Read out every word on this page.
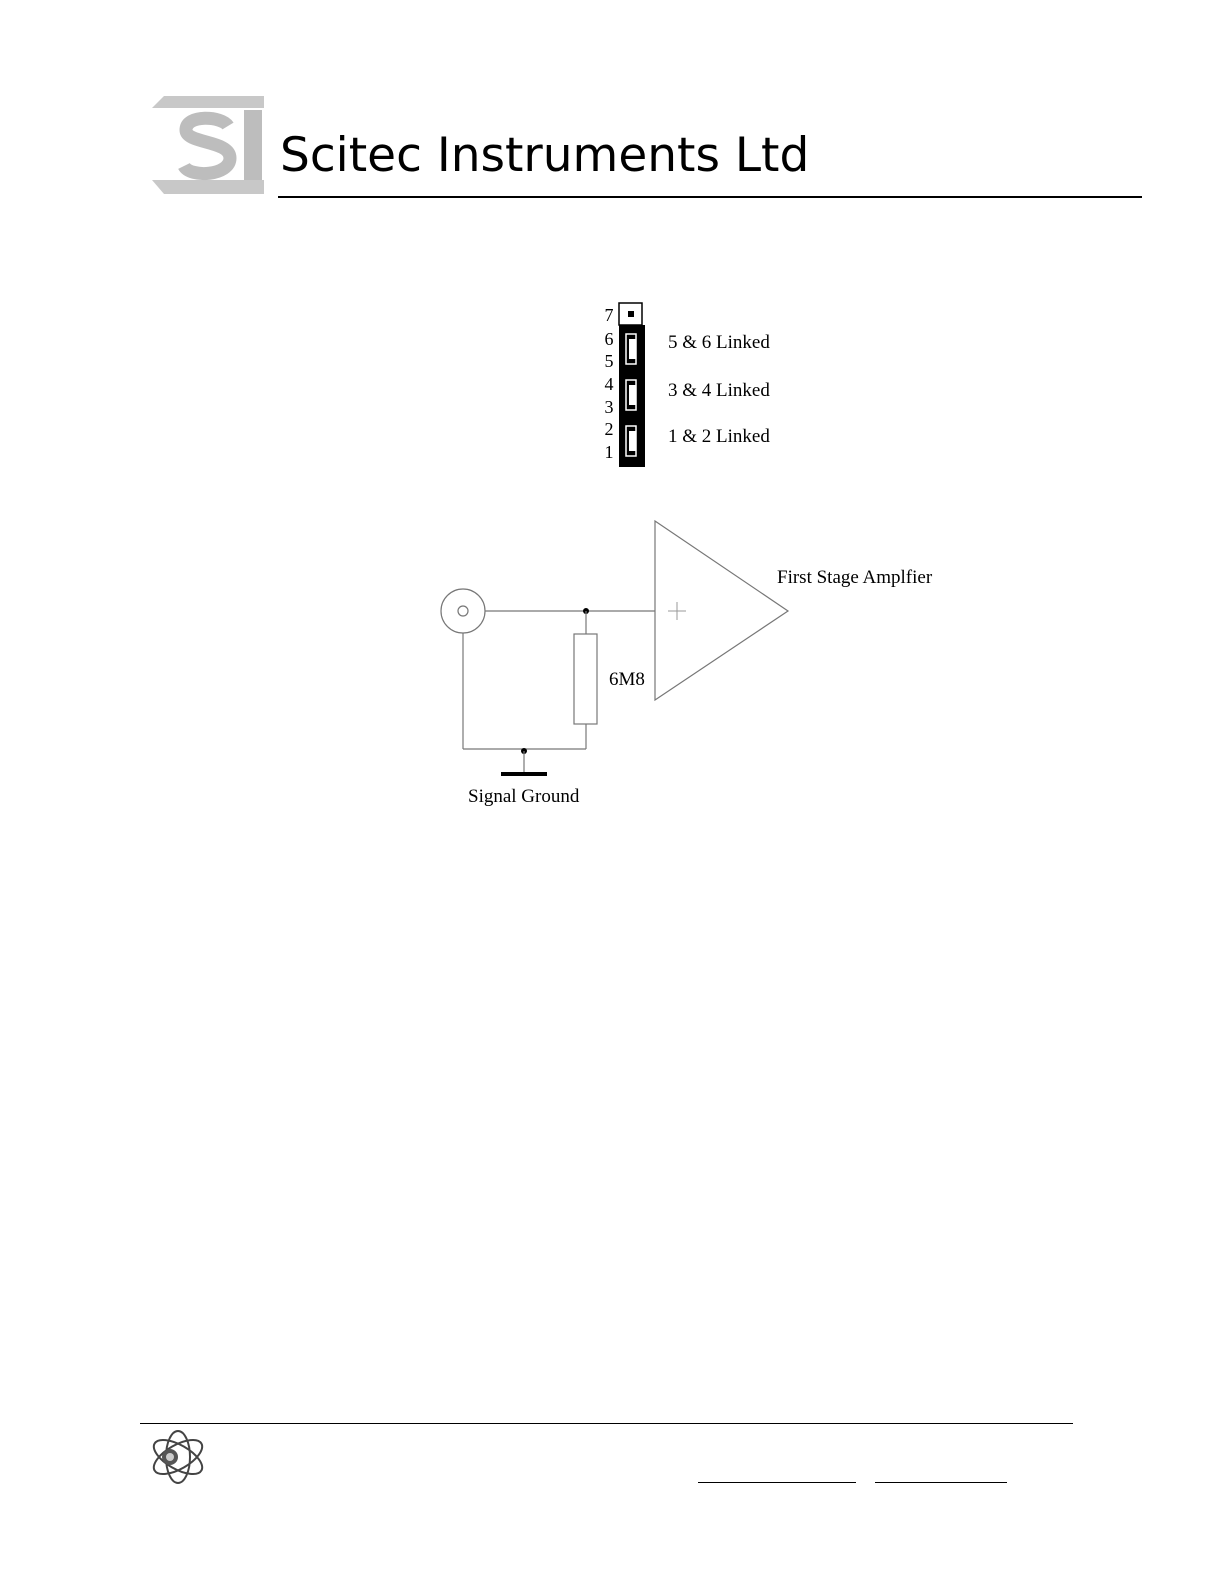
Scitec Instruments Ltd
7
6
5
4
3
2
1
5 & 6 Linked
3 & 4 Linked
1 & 2 Linked
First Stage Amplfier
6M8
Signal Ground
